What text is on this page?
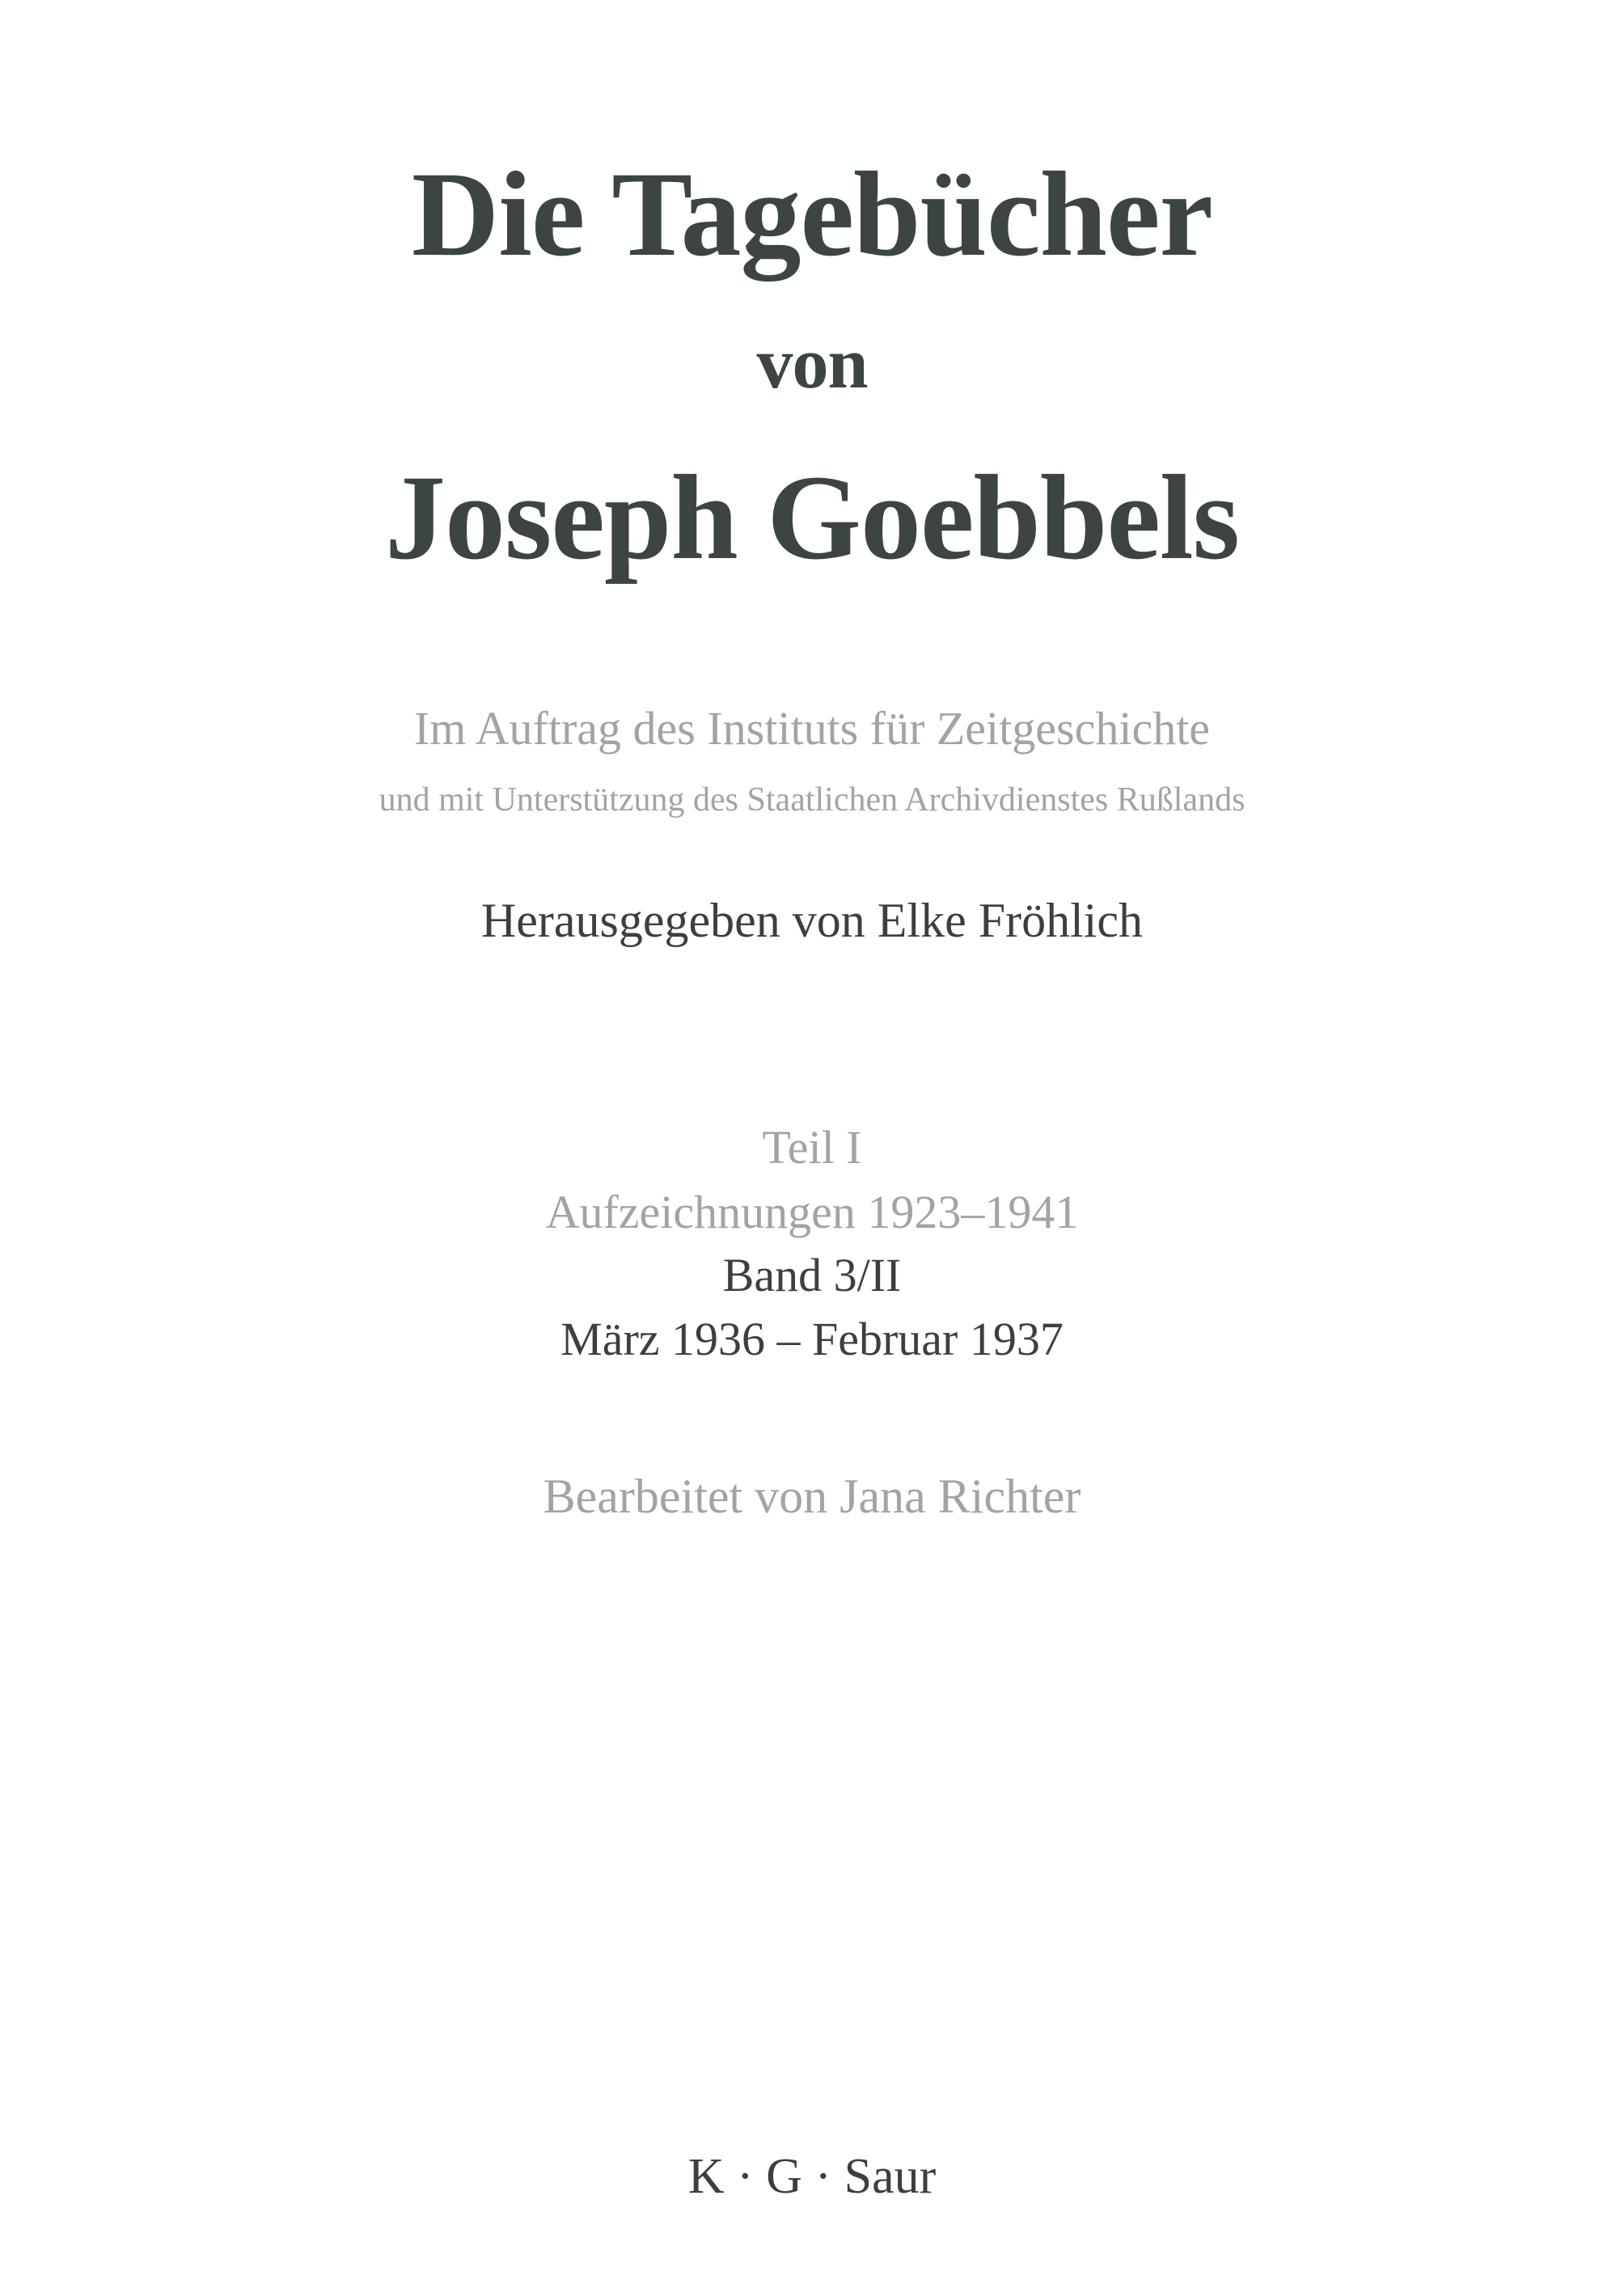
Die Tagebücher
von
Joseph Goebbels
Im Auftrag des Instituts für Zeitgeschichte
und mit Unterstützung des Staatlichen Archivdienstes Rußlands
Herausgegeben von Elke Fröhlich
Teil I
Aufzeichnungen 1923–1941
Band 3/II
März 1936 – Februar 1937
Bearbeitet von Jana Richter
K · G · Saur
